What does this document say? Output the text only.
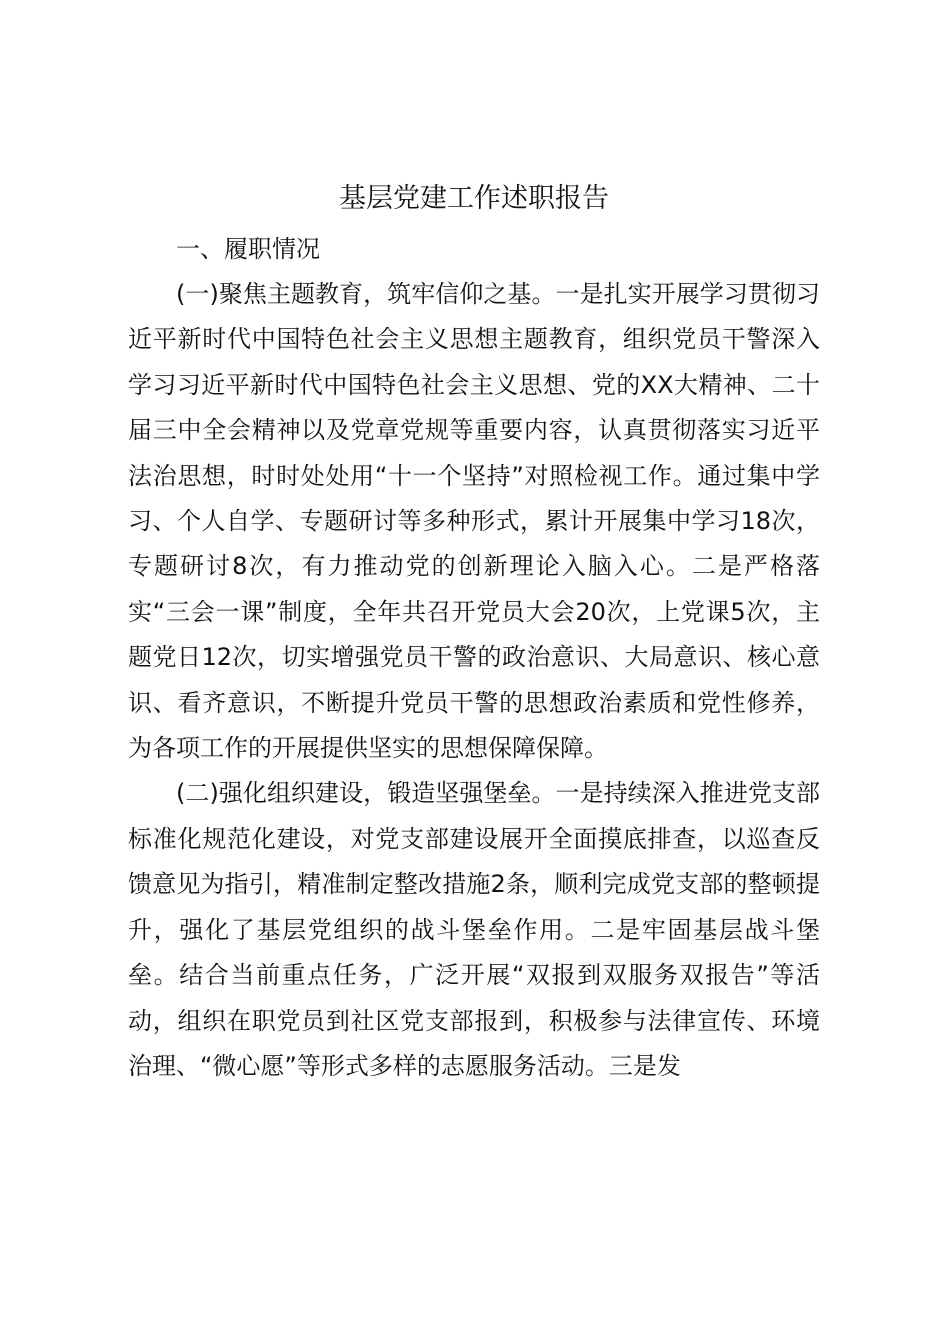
基层党建工作述职报告

一、履职情况

(一)聚焦主题教育，筑牢信仰之基。一是扎实开展学习贯彻习近平新时代中国特色社会主义思想主题教育，组织党员干警深入学习习近平新时代中国特色社会主义思想、党的XX大精神、二十届三中全会精神以及党章党规等重要内容，认真贯彻落实习近平法治思想，时时处处用“十一个坚持”对照检视工作。通过集中学习、个人自学、专题研讨等多种形式，累计开展集中学习18次，专题研讨8次，有力推动党的创新理论入脑入心。二是严格落实“三会一课”制度，全年共召开党员大会20次，上党课5次，主题党日12次，切实增强党员干警的政治意识、大局意识、核心意识、看齐意识，不断提升党员干警的思想政治素质和党性修养，为各项工作的开展提供坚实的思想保障保障。

(二)强化组织建设，锻造坚强堡垒。一是持续深入推进党支部标准化规范化建设，对党支部建设展开全面摸底排查，以巡查反馈意见为指引，精准制定整改措施2条，顺利完成党支部的整顿提升，强化了基层党组织的战斗堡垒作用。二是牢固基层战斗堡垒。结合当前重点任务，广泛开展“双报到双服务双报告”等活动，组织在职党员到社区党支部报到，积极参与法律宣传、环境治理、“微心愿”等形式多样的志愿服务活动。三是发
